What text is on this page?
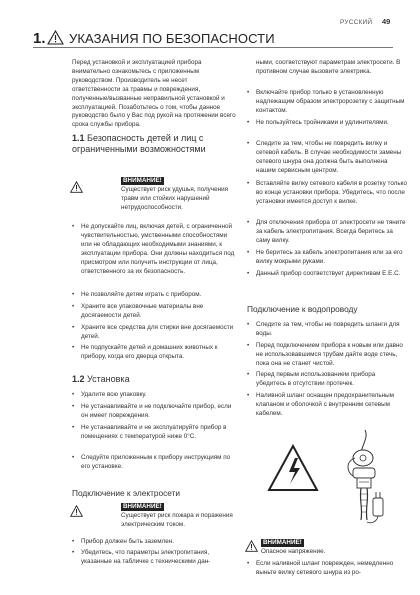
РУССКИЙ 49
1. УКАЗАНИЯ ПО БЕЗОПАСНОСТИ
Перед установкой и эксплуатацией прибора внимательно ознакомьтесь с приложенным руководством. Производитель не несет ответственности за травмы и повреждения, полученные/вызванные неправильной установкой и эксплуатацией. Позаботьтесь о том, чтобы данное руководство было у Вас под рукой на протяжении всего срока службы прибора.
1.1 Безопасность детей и лиц с ограниченными возможностями
ВНИМАНИЕ!
Существует риск удушья, получения травм или стойких нарушений нетрудоспособности.
• Не допускайте лиц, включая детей, с ограниченной чувствительностью, умственными способностями или не обладающих необходимыми знаниями, к эксплуатации прибора. Они должны находиться под присмотром или получить инструкции от лица, ответственного за их безопасность.
• Не позволяйте детям играть с прибором.
• Храните все упаковочные материалы вне досягаемости детей.
• Храните все средства для стирки вне досягаемости детей.
• Не подпускайте детей и домашних животных к прибору, когда его дверца открыта.
1.2 Установка
• Удалите всю упаковку.
• Не устанавливайте и не подключайте прибор, если он имеет повреждения.
• Не устанавливайте и не эксплуатируйте прибор в помещениях с температурой ниже 0°C.
• Следуйте приложенным к прибору инструкциям по его установке.
Подключение к электросети
ВНИМАНИЕ!
Существует риск пожара и поражения электрическим током.
• Прибор должен быть заземлен.
• Убедитесь, что параметры электропитания, указанные на табличке с техническими дан-
ными, соответствуют параметрам электросети. В противном случае вызовите электрика.
• Включайте прибор только в установленную надлежащим образом электророзетку с защитным контактом.
• Не пользуйтесь тройниками и удлинителями.
• Следите за тем, чтобы не повредить вилку и сетевой кабель. В случае необходимости замены сетевого шнура она должна быть выполнена нашим сервисным центром.
• Вставляйте вилку сетевого кабеля в розетку только во конце установки прибора. Убедитесь, что после установки имеется доступ к вилке.
• Для отключения прибора от электросети не тяните за кабель электропитания. Всегда беритесь за саму вилку.
• Не беритесь за кабель электропитания или за его вилку мокрыми руками.
• Данный прибор соответствует директивам E.E.C.
Подключение к водопроводу
• Следите за тем, чтобы не повредить шланги для воды.
• Перед подключением прибора к новым или давно не использовавшимся трубам дайте воде стечь, пока она не станет чистой.
• Перед первым использованием прибора убедитесь в отсутствии протечек.
• Наливной шланг оснащен предохранительным клапаном и оболочкой с внутренним сетевым кабелем.
ВНИМАНИЕ!
Опасное напряжение.
• Если наливной шланг поврежден, немедленно выньте вилку сетевого шнура из ро-
